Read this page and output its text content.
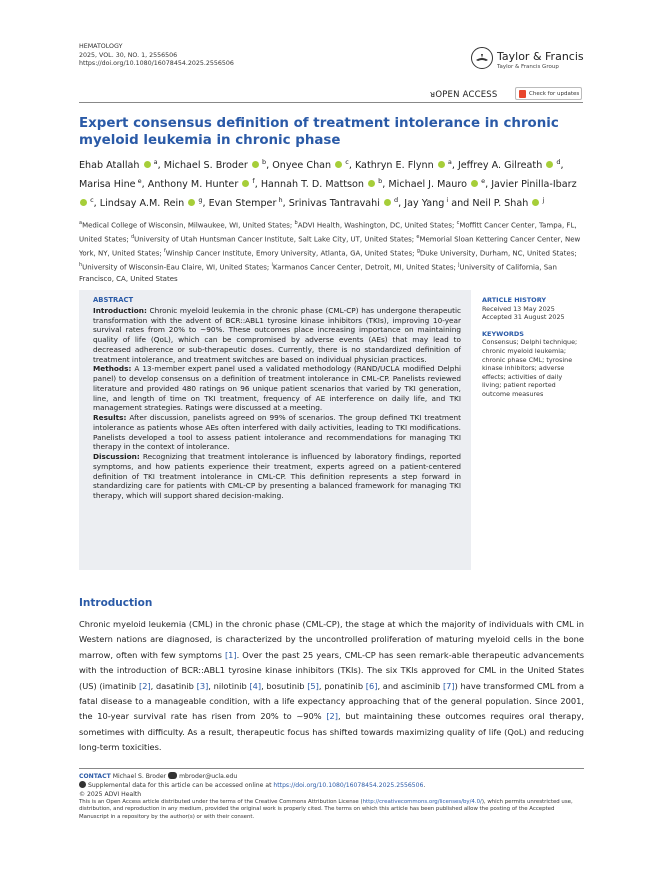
HEMATOLOGY
2025, VOL. 30, NO. 1, 2556506
https://doi.org/10.1080/16078454.2025.2556506
Taylor & Francis
Taylor & Francis Group
ᴚOPEN ACCESS	Check for updates
Expert consensus definition of treatment intolerance in chronic myeloid leukemia in chronic phase
Ehab Atallah  $^a$, Michael S. Broder  $^b$, Onyee Chan  $^c$, Kathryn E. Flynn  $^a$, Jeffrey A. Gilreath  $^d$, Marisa Hine $^e$, Anthony M. Hunter  $^f$, Hannah T. D. Mattson  $^b$, Michael J. Mauro  $^e$, Javier Pinilla-Ibarz  $^c$, Lindsay A.M. Rein  $^g$, Evan Stemper $^h$, Srinivas Tantravahi  $^d$, Jay Yang $^i$ and Neil P. Shah  $^j$
$^a$Medical College of Wisconsin, Milwaukee, WI, United States; $^b$ADVI Health, Washington, DC, United States; $^c$Moffitt Cancer Center, Tampa, FL, United States; $^d$University of Utah Huntsman Cancer Institute, Salt Lake City, UT, United States; $^e$Memorial Sloan Kettering Cancer Center, New York, NY, United States; $^f$Winship Cancer Institute, Emory University, Atlanta, GA, United States; $^g$Duke University, Durham, NC, United States; $^h$University of Wisconsin-Eau Claire, WI, United States; $^i$Karmanos Cancer Center, Detroit, MI, United States; $^j$University of California, San Francisco, CA, United States
ABSTRACT
Introduction: Chronic myeloid leukemia in the chronic phase (CML-CP) has undergone therapeutic transformation with the advent of BCR::ABL1 tyrosine kinase inhibitors (TKIs), improving 10-year survival rates from 20% to ~90%. These outcomes place increasing importance on maintaining quality of life (QoL), which can be compromised by adverse events (AEs) that may lead to decreased adherence or sub-therapeutic doses. Currently, there is no standardized definition of treatment intolerance, and treatment switches are based on individual physician practices.
Methods: A 13-member expert panel used a validated methodology (RAND/UCLA modified Delphi panel) to develop consensus on a definition of treatment intolerance in CML-CP. Panelists reviewed literature and provided 480 ratings on 96 unique patient scenarios that varied by TKI generation, line, and length of time on TKI treatment, frequency of AE interference on daily life, and TKI management strategies. Ratings were discussed at a meeting.
Results: After discussion, panelists agreed on 99% of scenarios. The group defined TKI treatment intolerance as patients whose AEs often interfered with daily activities, leading to TKI modifications. Panelists developed a tool to assess patient intolerance and recommendations for managing TKI therapy in the context of intolerance.
Discussion: Recognizing that treatment intolerance is influenced by laboratory findings, reported symptoms, and how patients experience their treatment, experts agreed on a patient-centered definition of TKI treatment intolerance in CML-CP. This definition represents a step forward in standardizing care for patients with CML-CP by presenting a balanced framework for managing TKI therapy, which will support shared decision-making.
ARTICLE HISTORY
Received 13 May 2025
Accepted 31 August 2025
KEYWORDS
Consensus; Delphi technique; chronic myeloid leukemia; chronic phase CML; tyrosine kinase inhibitors; adverse effects; activities of daily living; patient reported outcome measures
Introduction
Chronic myeloid leukemia (CML) in the chronic phase (CML-CP), the stage at which the majority of individuals with CML in Western nations are diagnosed, is characterized by the uncontrolled proliferation of maturing myeloid cells in the bone marrow, often with few symptoms [1]. Over the past 25 years, CML-CP has seen remark-able therapeutic advancements with the introduction of BCR::ABL1 tyrosine kinase inhibitors (TKIs). The six TKIs approved for CML in the United States (US) (imatinib [2], dasatinib [3], nilotinib [4], bosutinib [5], ponatinib [6], and asciminib [7]) have transformed CML from a fatal disease to a manageable condition, with a life expectancy approaching that of the general population. Since 2001, the 10-year survival rate has risen from 20% to ~90% [2], but maintaining these outcomes requires oral therapy, sometimes with difficulty. As a result, therapeutic focus has shifted towards maximizing quality of life (QoL) and reducing long-term toxicities.
CONTACT Michael S. Broder mbroder@ucla.edu
Supplemental data for this article can be accessed online at https://doi.org/10.1080/16078454.2025.2556506.
© 2025 ADVI Health
This is an Open Access article distributed under the terms of the Creative Commons Attribution License (http://creativecommons.org/licenses/by/4.0/), which permits unrestricted use, distribution, and reproduction in any medium, provided the original work is properly cited. The terms on which this article has been published allow the posting of the Accepted Manuscript in a repository by the author(s) or with their consent.
